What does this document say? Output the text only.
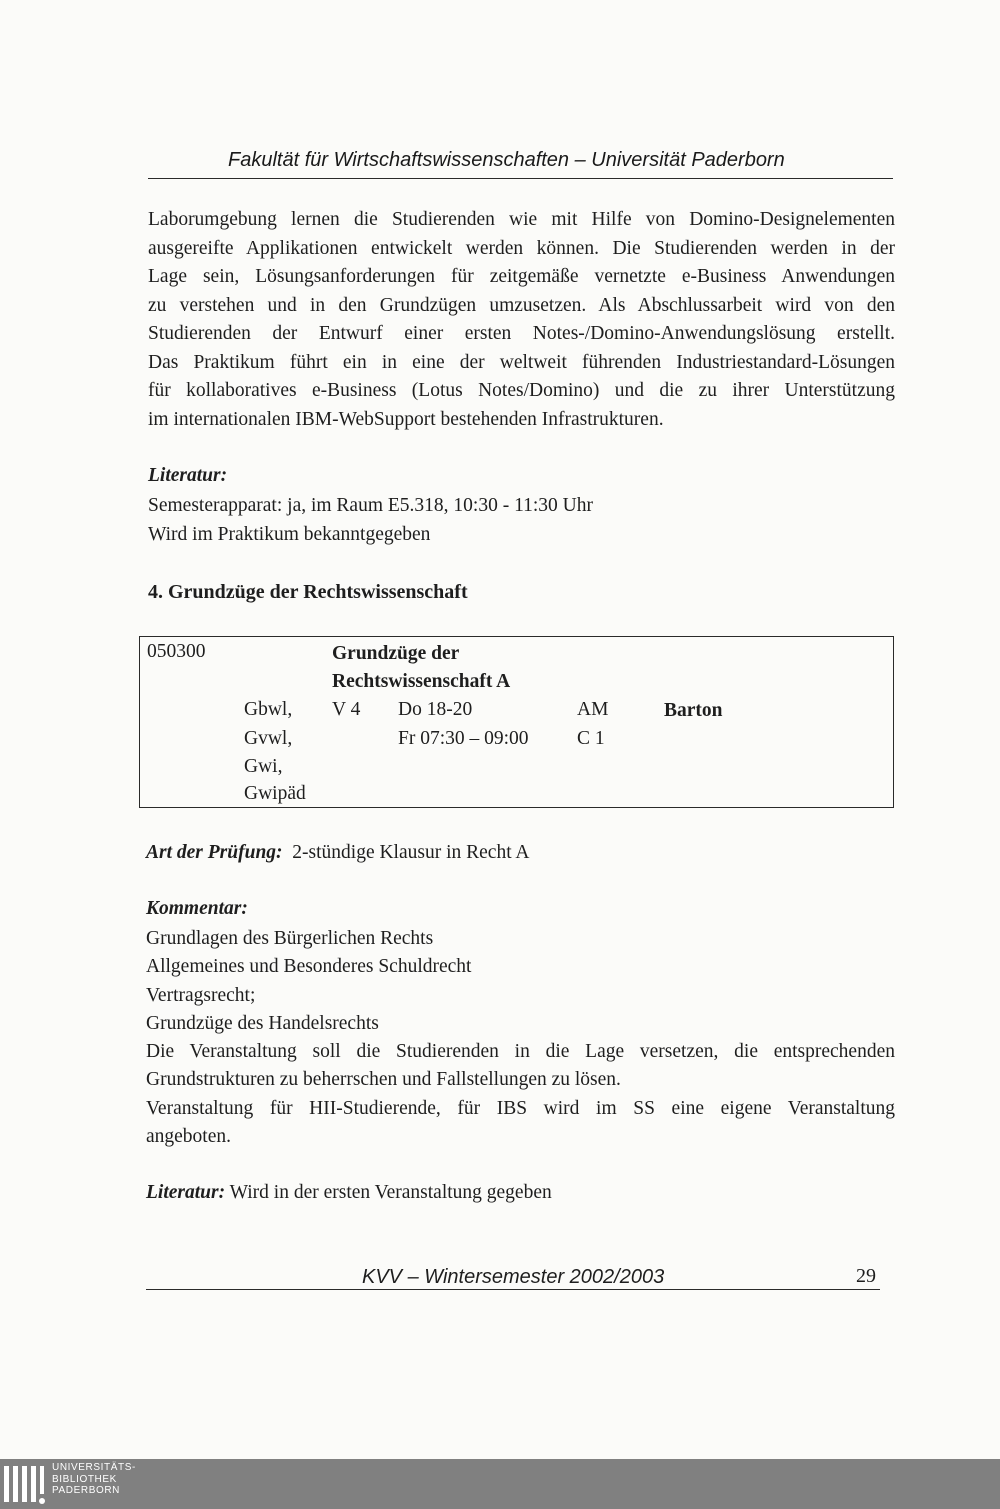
Fakultät für Wirtschaftswissenschaften – Universität Paderborn
Laborumgebung lernen die Studierenden wie mit Hilfe von Domino-Designelementen
ausgereifte Applikationen entwickelt werden können. Die Studierenden werden in der
Lage sein, Lösungsanforderungen für zeitgemäße vernetzte e-Business Anwendungen
zu verstehen und in den Grundzügen umzusetzen. Als Abschlussarbeit wird von den
Studierenden der Entwurf einer ersten Notes-/Domino-Anwendungslösung erstellt.
Das Praktikum führt ein in eine der weltweit führenden Industriestandard-Lösungen
für kollaboratives e-Business (Lotus Notes/Domino) und die zu ihrer Unterstützung
im internationalen IBM-WebSupport bestehenden Infrastrukturen.
Literatur:
Semesterapparat: ja, im Raum E5.318, 10:30 - 11:30 Uhr
Wird im Praktikum bekanntgegeben
4. Grundzüge der Rechtswissenschaft
050300	Grundzüge der
Rechtswissenschaft A
Gbwl,
Gvwl,
Gwi,
Gwipäd
V 4 Do 18-20
Fr 07:30 – 09:00
AM
C 1
Barton
Art der Prüfung: 2-stündige Klausur in Recht A
Kommentar:
Grundlagen des Bürgerlichen Rechts
Allgemeines und Besonderes Schuldrecht
Vertragsrecht;
Grundzüge des Handelsrechts
Die Veranstaltung soll die Studierenden in die Lage versetzen, die entsprechenden
Grundstrukturen zu beherrschen und Fallstellungen zu lösen.
Veranstaltung für HII-Studierende, für IBS wird im SS eine eigene Veranstaltung
angeboten.
Literatur: Wird in der ersten Veranstaltung gegeben
KVV – Wintersemester 2002/2003	29
UNIVERSITÄTS-
BIBLIOTHEK
PADERBORN
